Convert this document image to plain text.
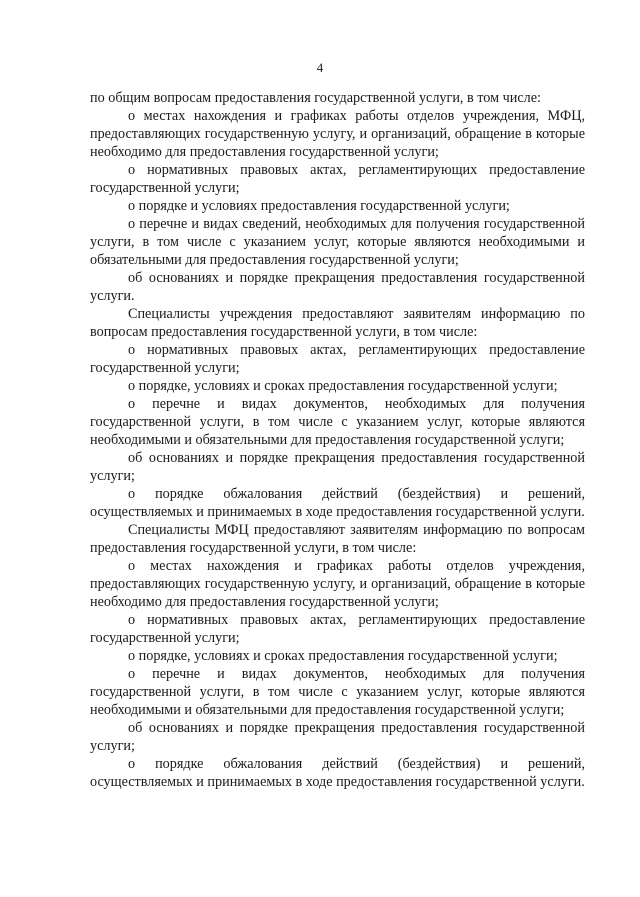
4

по общим вопросам предоставления государственной услуги, в том числе:

о местах нахождения и графиках работы отделов учреждения, МФЦ, предоставляющих государственную услугу, и организаций, обращение в которые необходимо для предоставления государственной услуги;

о нормативных правовых актах, регламентирующих предоставление государственной услуги;

о порядке и условиях предоставления государственной услуги;

о перечне и видах сведений, необходимых для получения государственной услуги, в том числе с указанием услуг, которые являются необходимыми и обязательными для предоставления государственной услуги;

об основаниях и порядке прекращения предоставления государственной услуги.

Специалисты учреждения предоставляют заявителям информацию по вопросам предоставления государственной услуги, в том числе:

о нормативных правовых актах, регламентирующих предоставление государственной услуги;

о порядке, условиях и сроках предоставления государственной услуги;

о перечне и видах документов, необходимых для получения государственной услуги, в том числе с указанием услуг, которые являются необходимыми и обязательными для предоставления государственной услуги;

об основаниях и порядке прекращения предоставления государственной услуги;

о порядке обжалования действий (бездействия) и решений, осуществляемых и принимаемых в ходе предоставления государственной услуги.

Специалисты МФЦ предоставляют заявителям информацию по вопросам предоставления государственной услуги, в том числе:

о местах нахождения и графиках работы отделов учреждения, предоставляющих государственную услугу, и организаций, обращение в которые необходимо для предоставления государственной услуги;

о нормативных правовых актах, регламентирующих предоставление государственной услуги;

о порядке, условиях и сроках предоставления государственной услуги;

о перечне и видах документов, необходимых для получения государственной услуги, в том числе с указанием услуг, которые являются необходимыми и обязательными для предоставления государственной услуги;

об основаниях и порядке прекращения предоставления государственной услуги;

о порядке обжалования действий (бездействия) и решений, осуществляемых и принимаемых в ходе предоставления государственной услуги.
